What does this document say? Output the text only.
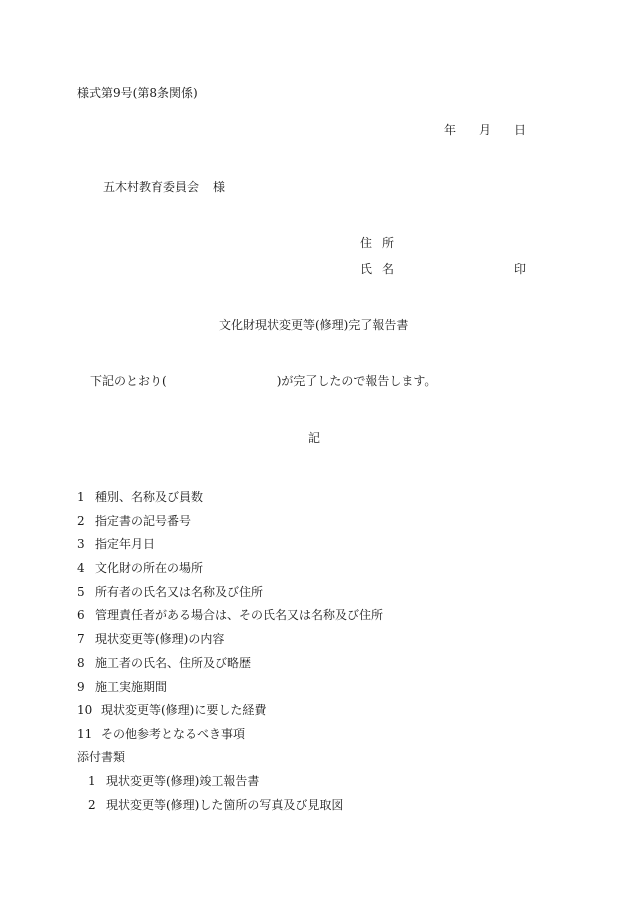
様式第9号(第8条関係)
年 月 日
五木村教育委員会 様
住 所
氏 名	印
文化財現状変更等(修理)完了報告書
下記のとおり(	)が完了したので報告します。
記
1 種別、名称及び員数
2 指定書の記号番号
3 指定年月日
4 文化財の所在の場所
5 所有者の氏名又は名称及び住所
6 管理責任者がある場合は、その氏名又は名称及び住所
7 現状変更等(修理)の内容
8 施工者の氏名、住所及び略歴
9 施工実施期間
10 現状変更等(修理)に要した経費
11 その他参考となるべき事項
添付書類
1 現状変更等(修理)竣工報告書
2 現状変更等(修理)した箇所の写真及び見取図
